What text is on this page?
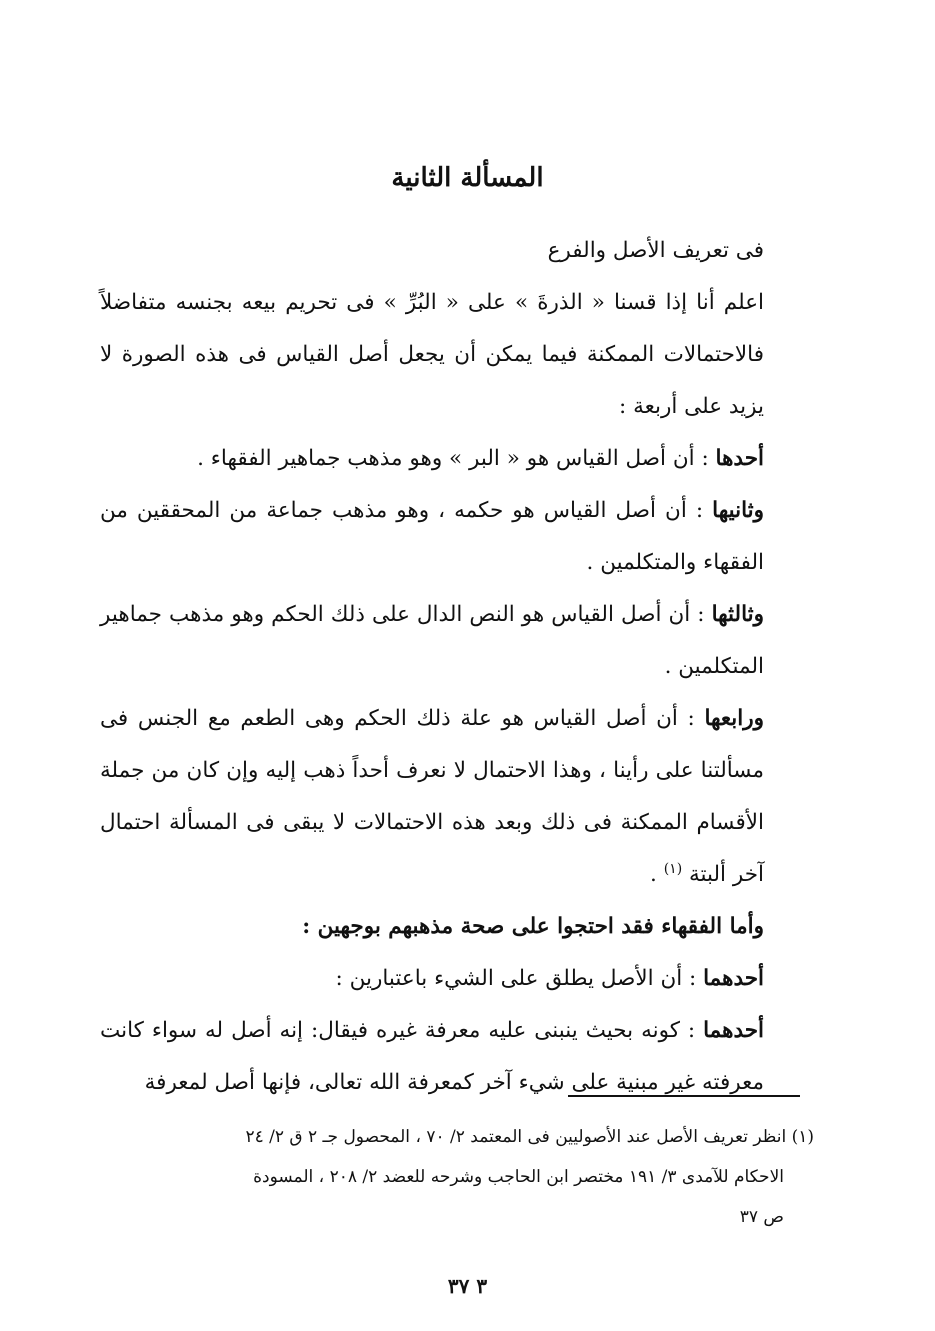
المسألة الثانية

فى تعريف الأصل والفرع

اعلم أنا إذا قسنا « الذرةَ » على « البُرِّ » فى تحريم بيعه بجنسه متفاضلاً فالاحتمالات الممكنة فيما يمكن أن يجعل أصل القياس فى هذه الصورة لا يزيد على أربعة :

أحدها : أن أصل القياس هو « البر » وهو مذهب جماهير الفقهاء .

وثانيها : أن أصل القياس هو حكمه ، وهو مذهب جماعة من المحققين من الفقهاء والمتكلمين .

وثالثها : أن أصل القياس هو النص الدال على ذلك الحكم وهو مذهب جماهير المتكلمين .

ورابعها : أن أصل القياس هو علة ذلك الحكم وهى الطعم مع الجنس فى مسألتنا على رأينا ، وهذا الاحتمال لا نعرف أحداً ذهب إليه وإن كان من جملة الأقسام الممكنة فى ذلك وبعد هذه الاحتمالات لا يبقى فى المسألة احتمال آخر ألبتة $^{(١)}$ .

وأما الفقهاء فقد احتجوا على صحة مذهبهم بوجهين :

أحدهما : أن الأصل يطلق على الشيء باعتبارين :

أحدهما : كونه بحيث ينبنى عليه معرفة غيره فيقال: إنه أصل له سواء كانت معرفته غير مبنية على شيء آخر كمعرفة الله تعالى، فإنها أصل لمعرفة

(١) انظر تعريف الأصل عند الأصوليين فى المعتمد ٢/ ٧٠ ، المحصول جـ ٢ ق ٢/ ٢٤

الاحكام للآمدى ٣/ ١٩١ مختصر ابن الحاجب وشرحه للعضد ٢/ ٢٠٨ ، المسودة

ص ٣٧

٣ ٣٧
